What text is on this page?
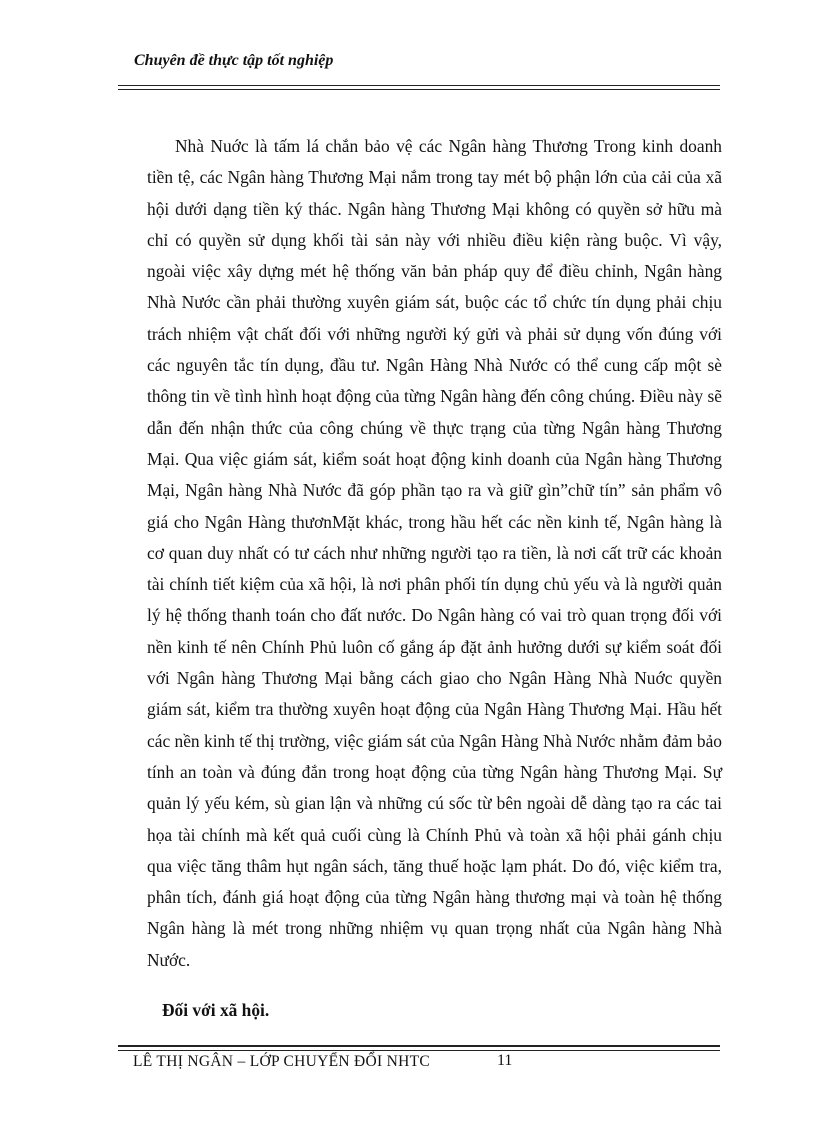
Chuyên đề thực tập tốt nghiệp

Nhà Nuớc là tấm lá chắn bảo vệ các Ngân hàng Thương Trong kinh doanh tiền tệ, các Ngân hàng Thương Mại nắm trong tay mét bộ phận lớn của cải của xã hội dưới dạng tiền ký thác. Ngân hàng Thương Mại không có quyền sở hữu mà chỉ có quyền sử dụng khối tài sản này với nhiều điều kiện ràng buộc. Vì vậy, ngoài việc xây dựng mét hệ thống văn bản pháp quy để điều chỉnh, Ngân hàng Nhà Nước cần phải thường xuyên giám sát, buộc các tổ chức tín dụng phải chịu trách nhiệm vật chất đối với những người ký gửi và phải sử dụng vốn đúng với các nguyên tắc tín dụng, đầu tư. Ngân Hàng Nhà Nước có thể cung cấp một sè thông tin về tình hình hoạt động của từng Ngân hàng đến công chúng. Điều này sẽ dẫn đến nhận thức của công chúng về thực trạng của từng Ngân hàng Thương Mại. Qua việc giám sát, kiểm soát hoạt động kinh doanh của Ngân hàng Thương Mại, Ngân hàng Nhà Nước đã góp phần tạo ra và giữ gìn”chữ tín” sản phẩm vô giá cho Ngân Hàng thươnMặt khác, trong hầu hết các nền kinh tế, Ngân hàng là cơ quan duy nhất có tư cách như những người tạo ra tiền, là nơi cất trữ các khoản tài chính tiết kiệm của xã hội, là nơi phân phối tín dụng chủ yếu và là người quản lý hệ thống thanh toán cho đất nước. Do Ngân hàng có vai trò quan trọng đối với nền kinh tế nên Chính Phủ luôn cố gắng áp đặt ảnh hưởng dưới sự kiểm soát đối với Ngân hàng Thương Mại bằng cách giao cho Ngân Hàng Nhà Nuớc quyền giám sát, kiểm tra thường xuyên hoạt động của Ngân Hàng Thương Mại. Hầu hết các nền kinh tế thị trường, việc giám sát của Ngân Hàng Nhà Nước nhằm đảm bảo tính an toàn và đúng đắn trong hoạt động của từng Ngân hàng Thương Mại. Sự quản lý yếu kém, sù gian lận và những cú sốc từ bên ngoài dễ dàng tạo ra các tai họa tài chính mà kết quả cuối cùng là Chính Phủ và toàn xã hội phải gánh chịu qua việc tăng thâm hụt ngân sách, tăng thuế hoặc lạm phát. Do đó, việc kiểm tra, phân tích, đánh giá hoạt động của từng Ngân hàng thương mại và toàn hệ thống Ngân hàng là mét trong những nhiệm vụ quan trọng nhất của Ngân hàng Nhà Nước.

Đối với xã hội.

LÊ THỊ NGÂN – LỚP CHUYỂN ĐỔI NHTC	11
